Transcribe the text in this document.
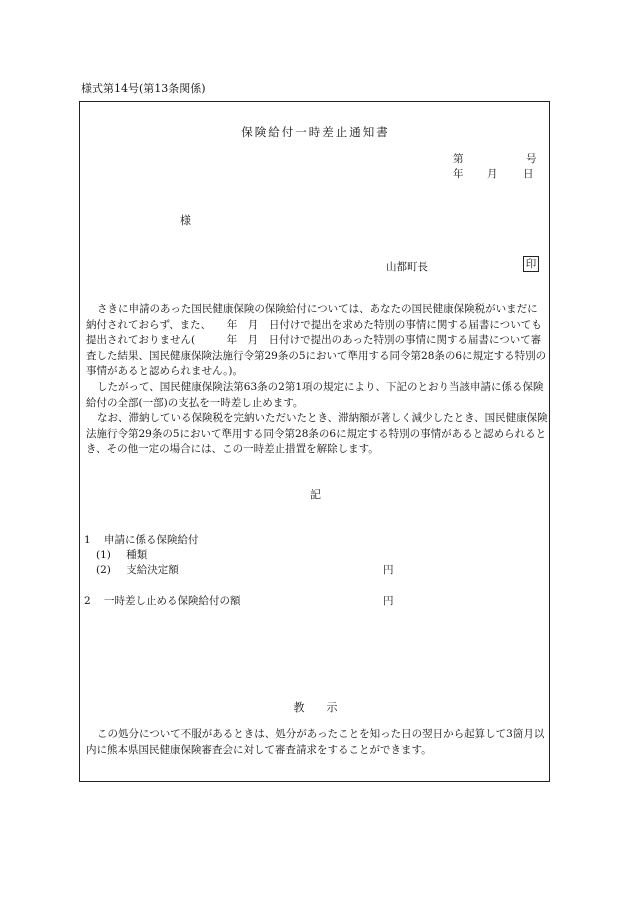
様式第14号(第13条関係)
保険給付一時差止通知書
第	号
年 月 日
様
山都町長	印
さきに申請のあった国民健康保険の保険給付については、あなたの国民健康保険税がいまだに納付されておらず、また、　　年　月　日付けで提出を求めた特別の事情に関する届書についても提出されておりません(　　　年　月　日付けで提出のあった特別の事情に関する届書について審査した結果、国民健康保険法施行令第29条の5において準用する同令第28条の6に規定する特別の事情があると認められません。)。
したがって、国民健康保険法第63条の2第1項の規定により、下記のとおり当該申請に係る保険給付の全部(一部)の支払を一時差し止めます。
なお、滞納している保険税を完納いただいたとき、滞納額が著しく減少したとき、国民健康保険法施行令第29条の5において準用する同令第28条の6に規定する特別の事情があると認められるとき、その他一定の場合には、この一時差止措置を解除します。
記
1 申請に係る保険給付
(1) 種類
(2) 支給決定額	円
2 一時差し止める保険給付の額	円
教　　示
この処分について不服があるときは、処分があったことを知った日の翌日から起算して3箇月以内に熊本県国民健康保険審査会に対して審査請求をすることができます。
